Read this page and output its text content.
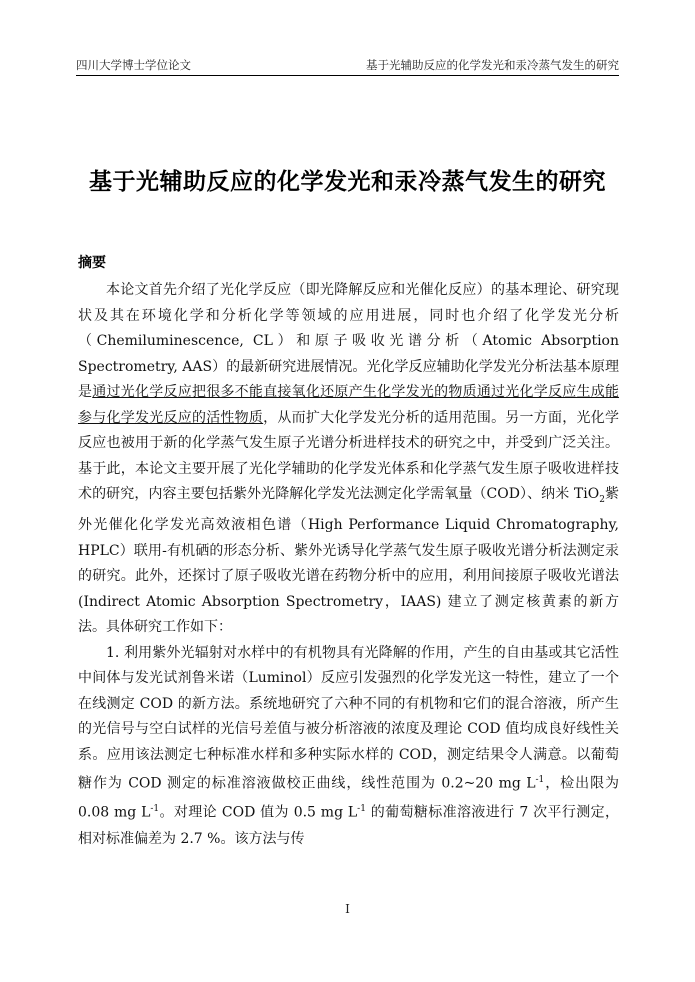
四川大学博士学位论文	基于光辅助反应的化学发光和汞冷蒸气发生的研究
基于光辅助反应的化学发光和汞冷蒸气发生的研究
摘要

本论文首先介绍了光化学反应（即光降解反应和光催化反应）的基本理论、研究现状及其在环境化学和分析化学等领域的应用进展，同时也介绍了化学发光分析（Chemiluminescence, CL）和原子吸收光谱分析（Atomic Absorption Spectrometry, AAS）的最新研究进展情况。光化学反应辅助化学发光分析法基本原理是通过光化学反应把很多不能直接氧化还原产生化学发光的物质通过光化学反应生成能参与化学发光反应的活性物质，从而扩大化学发光分析的适用范围。另一方面，光化学反应也被用于新的化学蒸气发生原子光谱分析进样技术的研究之中，并受到广泛关注。基于此，本论文主要开展了光化学辅助的化学发光体系和化学蒸气发生原子吸收进样技术的研究，内容主要包括紫外光降解化学发光法测定化学需氧量（COD）、纳米 TiO$_2$紫外光催化化学发光高效液相色谱（High Performance Liquid Chromatography, HPLC）联用-有机硒的形态分析、紫外光诱导化学蒸气发生原子吸收光谱分析法测定汞的研究。此外，还探讨了原子吸收光谱在药物分析中的应用，利用间接原子吸收光谱法(Indirect Atomic Absorption Spectrometry，IAAS) 建立了测定核黄素的新方法。具体研究工作如下：

1. 利用紫外光辐射对水样中的有机物具有光降解的作用，产生的自由基或其它活性中间体与发光试剂鲁米诺（Luminol）反应引发强烈的化学发光这一特性，建立了一个在线测定 COD 的新方法。系统地研究了六种不同的有机物和它们的混合溶液，所产生的光信号与空白试样的光信号差值与被分析溶液的浓度及理论 COD 值均成良好线性关系。应用该法测定七种标准水样和多种实际水样的 COD，测定结果令人满意。以葡萄糖作为 COD 测定的标准溶液做校正曲线，线性范围为 0.2~20 mg $L^{-1}$，检出限为 0.08 mg $L^{-1}$。对理论 COD 值为 0.5 mg $L^{-1}$ 的葡萄糖标准溶液进行 7 次平行测定，相对标准偏差为 2.7 %。该方法与传

I
